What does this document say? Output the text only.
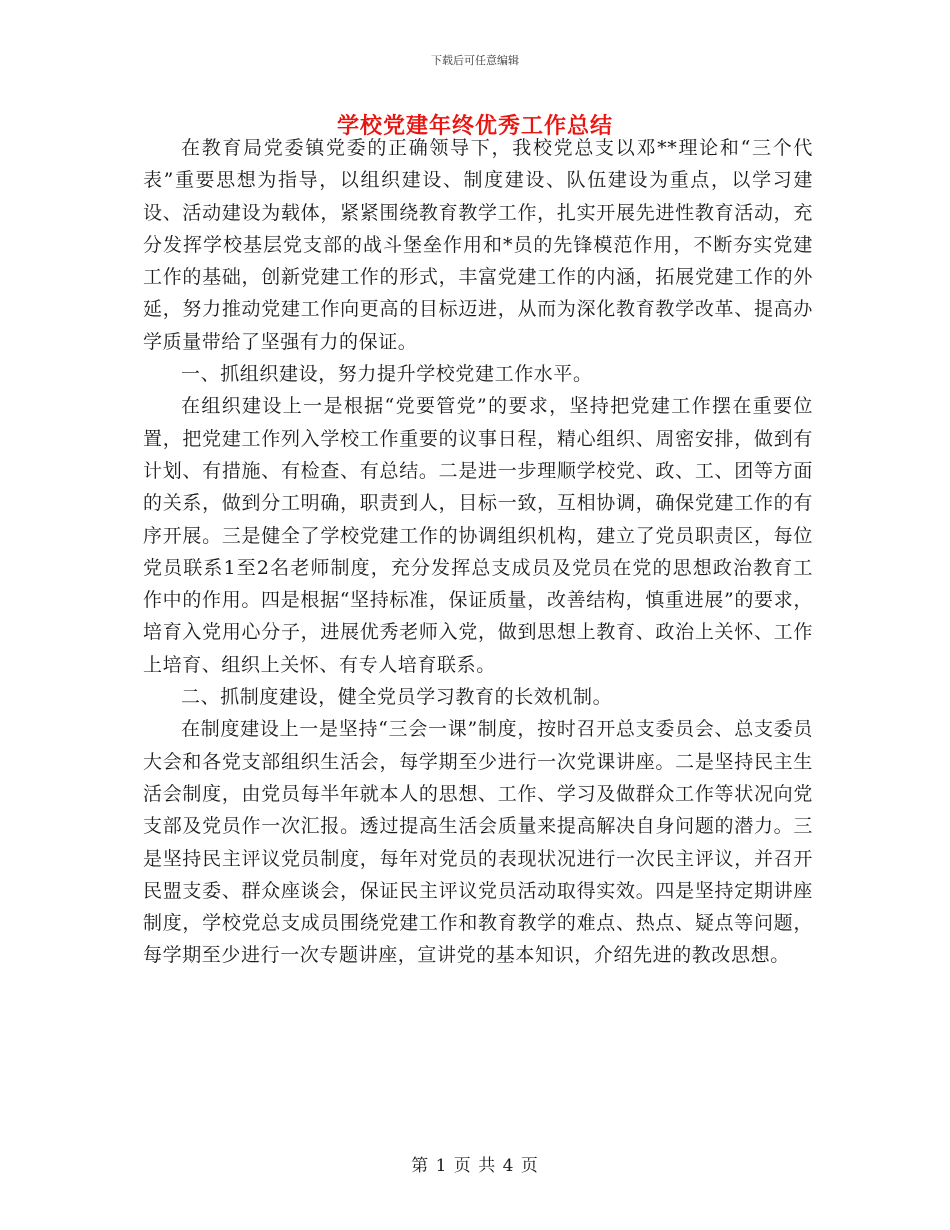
下载后可任意编辑
学校党建年终优秀工作总结

在教育局党委镇党委的正确领导下，我校党总支以邓**理论和“三个代表”重要思想为指导，以组织建设、制度建设、队伍建设为重点，以学习建设、活动建设为载体，紧紧围绕教育教学工作，扎实开展先进性教育活动，充分发挥学校基层党支部的战斗堡垒作用和*员的先锋模范作用，不断夯实党建工作的基础，创新党建工作的形式，丰富党建工作的内涵，拓展党建工作的外延，努力推动党建工作向更高的目标迈进，从而为深化教育教学改革、提高办学质量带给了坚强有力的保证。

一、抓组织建设，努力提升学校党建工作水平。

在组织建设上一是根据“党要管党”的要求，坚持把党建工作摆在重要位置，把党建工作列入学校工作重要的议事日程，精心组织、周密安排，做到有计划、有措施、有检查、有总结。二是进一步理顺学校党、政、工、团等方面的关系，做到分工明确，职责到人，目标一致，互相协调，确保党建工作的有序开展。三是健全了学校党建工作的协调组织机构，建立了党员职责区，每位党员联系1至2名老师制度，充分发挥总支成员及党员在党的思想政治教育工作中的作用。四是根据“坚持标准，保证质量，改善结构，慎重进展”的要求，培育入党用心分子，进展优秀老师入党，做到思想上教育、政治上关怀、工作上培育、组织上关怀、有专人培育联系。

二、抓制度建设，健全党员学习教育的长效机制。

在制度建设上一是坚持“三会一课”制度，按时召开总支委员会、总支委员大会和各党支部组织生活会，每学期至少进行一次党课讲座。二是坚持民主生活会制度，由党员每半年就本人的思想、工作、学习及做群众工作等状况向党支部及党员作一次汇报。透过提高生活会质量来提高解决自身问题的潜力。三是坚持民主评议党员制度，每年对党员的表现状况进行一次民主评议，并召开民盟支委、群众座谈会，保证民主评议党员活动取得实效。四是坚持定期讲座制度，学校党总支成员围绕党建工作和教育教学的难点、热点、疑点等问题，每学期至少进行一次专题讲座，宣讲党的基本知识，介绍先进的教改思想。

第 1 页 共 4 页
